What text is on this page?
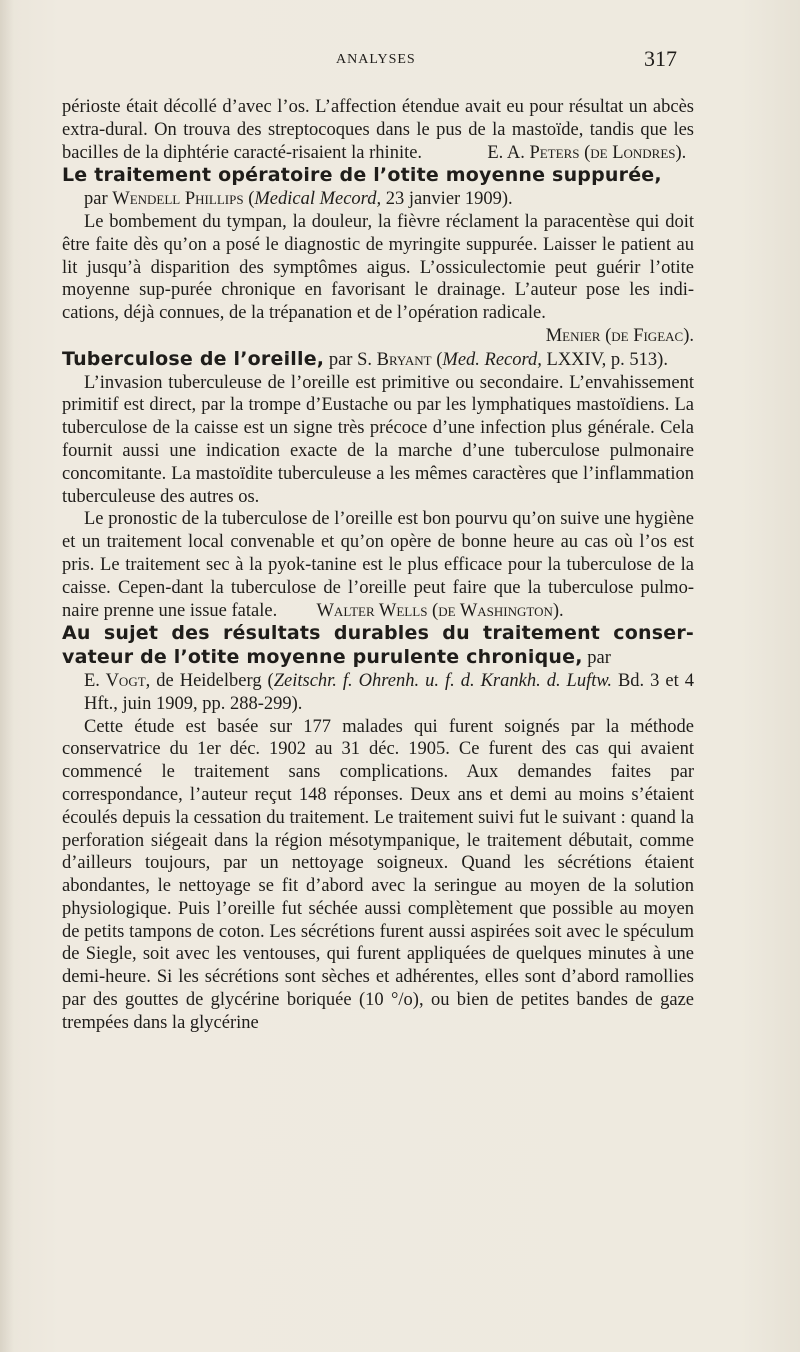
ANALYSES	317

périoste était décollé d’avec l’os. L’affection étendue avait eu pour résultat un abcès extra-dural. On trouva des streptocoques dans le pus de la mastoïde, tandis que les bacilles de la diphtérie caracté-risaient la rhinite.	E. A. Peters (de Londres).

Le traitement opératoire de l’otite moyenne suppurée,

par Wendell Phillips (Medical Mecord, 23 janvier 1909).

Le bombement du tympan, la douleur, la fièvre réclament la paracentèse qui doit être faite dès qu’on a posé le diagnostic de myringite suppurée. Laisser le patient au lit jusqu’à disparition des symptômes aigus. L’ossiculectomie peut guérir l’otite moyenne sup-purée chronique en favorisant le drainage. L’auteur pose les indi-cations, déjà connues, de la trépanation et de l’opération radicale.

Menier (de Figeac).

Tuberculose de l’oreille, par S. Bryant (Med. Record, LXXIV, p. 513).

L’invasion tuberculeuse de l’oreille est primitive ou secondaire. L’envahissement primitif est direct, par la trompe d’Eustache ou par les lymphatiques mastoïdiens. La tuberculose de la caisse est un signe très précoce d’une infection plus générale. Cela fournit aussi une indication exacte de la marche d’une tuberculose pulmonaire concomitante. La mastoïdite tuberculeuse a les mêmes caractères que l’inflammation tuberculeuse des autres os.

Le pronostic de la tuberculose de l’oreille est bon pourvu qu’on suive une hygiène et un traitement local convenable et qu’on opère de bonne heure au cas où l’os est pris. Le traitement sec à la pyok-tanine est le plus efficace pour la tuberculose de la caisse. Cepen-dant la tuberculose de l’oreille peut faire que la tuberculose pulmo-naire prenne une issue fatale. Walter Wells (de Washington).

Au sujet des résultats durables du traitement conser-vateur de l’otite moyenne purulente chronique, par

E. Vogt, de Heidelberg (Zeitschr. f. Ohrenh. u. f. d. Krankh. d. Luftw. Bd. 3 et 4 Hft., juin 1909, pp. 288-299).

Cette étude est basée sur 177 malades qui furent soignés par la méthode conservatrice du 1er déc. 1902 au 31 déc. 1905. Ce furent des cas qui avaient commencé le traitement sans complications. Aux demandes faites par correspondance, l’auteur reçut 148 réponses. Deux ans et demi au moins s’étaient écoulés depuis la cessation du traitement. Le traitement suivi fut le suivant : quand la perforation siégeait dans la région mésotympanique, le traitement débutait, comme d’ailleurs toujours, par un nettoyage soigneux. Quand les sécrétions étaient abondantes, le nettoyage se fit d’abord avec la seringue au moyen de la solution physiologique. Puis l’oreille fut séchée aussi complètement que possible au moyen de petits tampons de coton. Les sécrétions furent aussi aspirées soit avec le spéculum de Siegle, soit avec les ventouses, qui furent appliquées de quelques minutes à une demi-heure. Si les sécrétions sont sèches et adhérentes, elles sont d’abord ramollies par des gouttes de glycérine boriquée (10 °/o), ou bien de petites bandes de gaze trempées dans la glycérine
